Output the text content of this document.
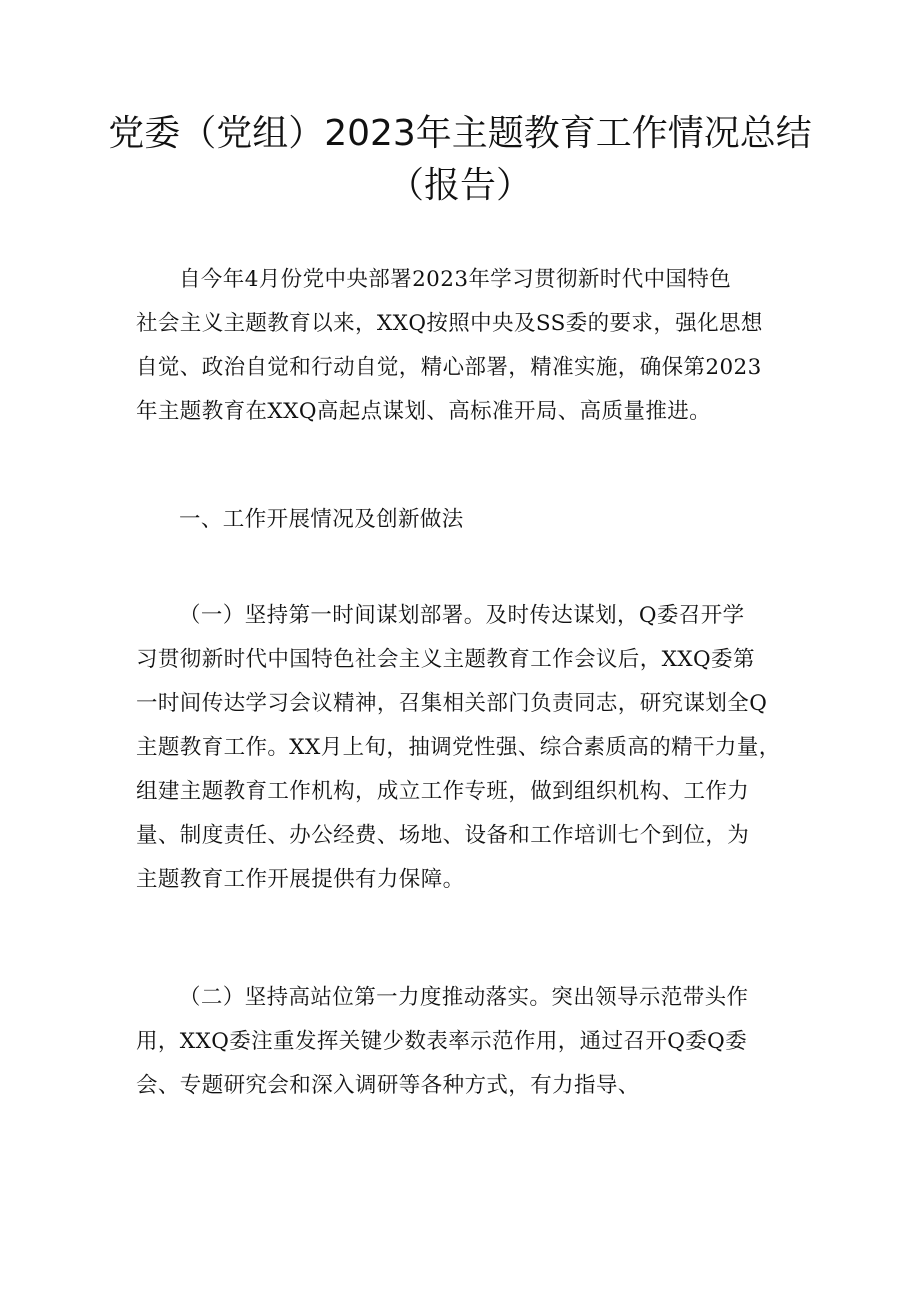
党委（党组）2023年主题教育工作情况总结
（报告）
自今年4月份党中央部署2023年学习贯彻新时代中国特色
社会主义主题教育以来，XXQ按照中央及SS委的要求，强化思想
自觉、政治自觉和行动自觉，精心部署，精准实施，确保第2023
年主题教育在XXQ高起点谋划、高标准开局、高质量推进。
一、工作开展情况及创新做法
（一）坚持第一时间谋划部署。及时传达谋划，Q委召开学
习贯彻新时代中国特色社会主义主题教育工作会议后，XXQ委第
一时间传达学习会议精神，召集相关部门负责同志，研究谋划全Q
主题教育工作。XX月上旬，抽调党性强、综合素质高的精干力量，
组建主题教育工作机构，成立工作专班，做到组织机构、工作力
量、制度责任、办公经费、场地、设备和工作培训七个到位，为
主题教育工作开展提供有力保障。
（二）坚持高站位第一力度推动落实。突出领导示范带头作
用，XXQ委注重发挥关键少数表率示范作用，通过召开Q委Q委
会、专题研究会和深入调研等各种方式，有力指导、
